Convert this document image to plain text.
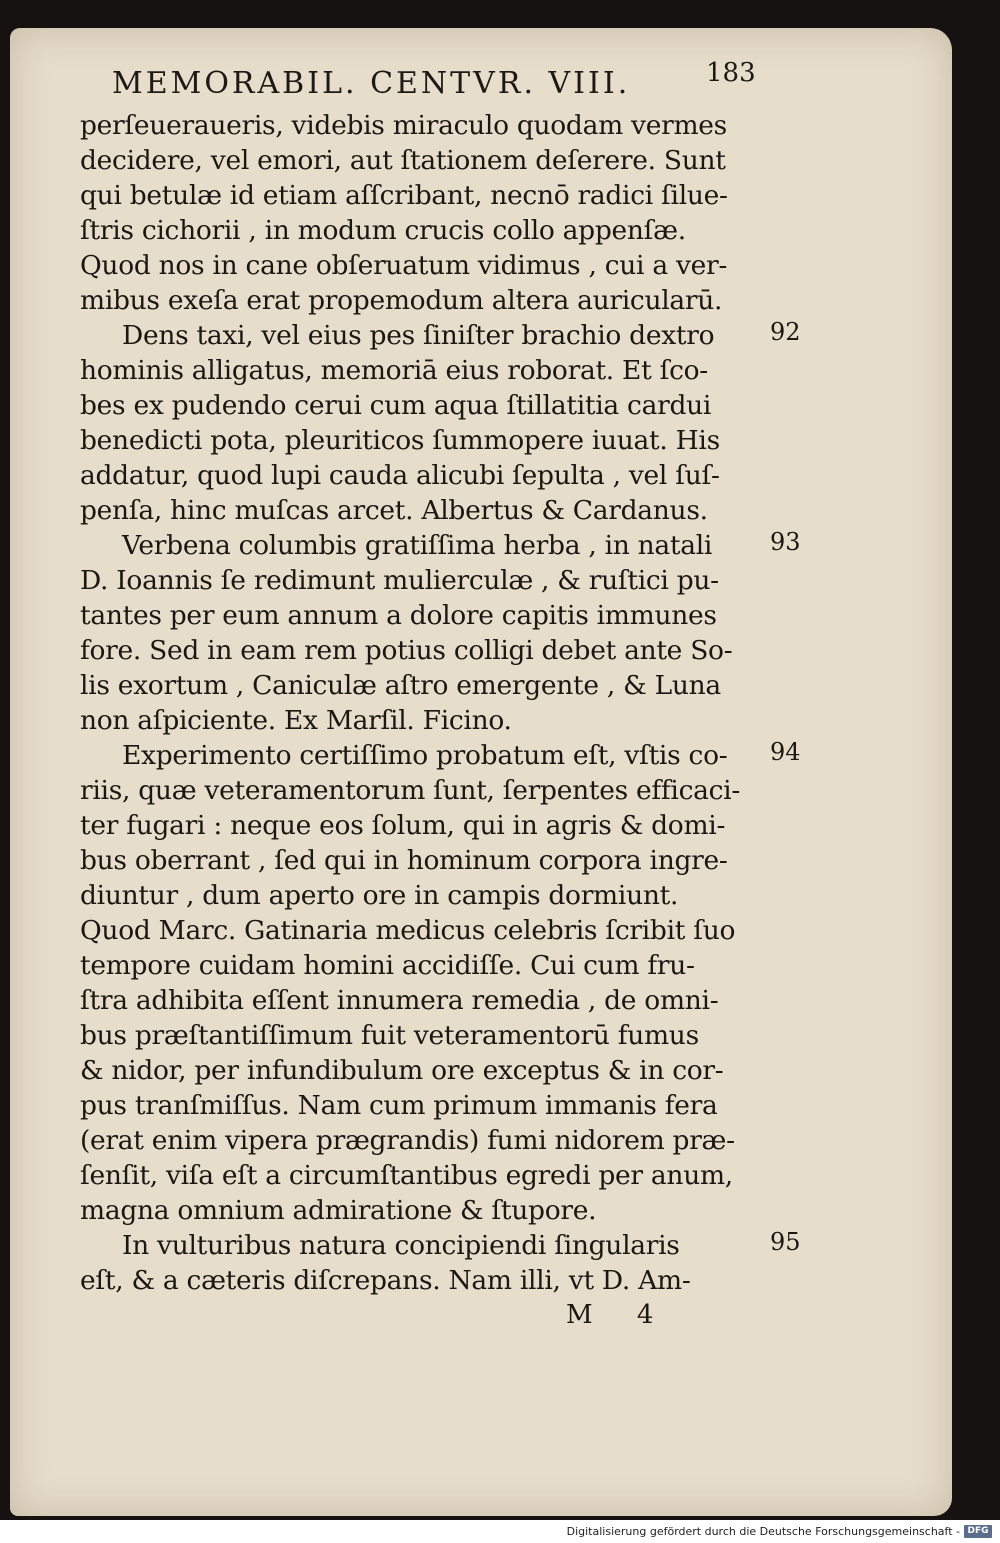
MEMORABIL. CENTVR. VIII.	183
perſeueraueris, videbis miraculo quodam vermes
decidere, vel emori, aut ſtationem deſerere. Sunt
qui betulæ id etiam aſſcribant, necnō radici ſilue-
ſtris cichorii , in modum crucis collo appenſæ.
Quod nos in cane obſeruatum vidimus , cui a ver-
mibus exeſa erat propemodum altera auricularū.
Dens taxi, vel eius pes ſiniſter brachio dextro
hominis alligatus, memoriā eius roborat. Et ſco-
bes ex pudendo cerui cum aqua ſtillatitia cardui
benedicti pota, pleuriticos ſummopere iuuat. His
addatur, quod lupi cauda alicubi ſepulta , vel ſuſ-
penſa, hinc muſcas arcet. Albertus & Cardanus.
Verbena columbis gratiſſima herba , in natali
D. Ioannis ſe redimunt mulierculæ , & ruſtici pu-
tantes per eum annum a dolore capitis immunes
fore. Sed in eam rem potius colligi debet ante So-
lis exortum , Caniculæ aſtro emergente , & Luna
non aſpiciente. Ex Marſil. Ficino.
Experimento certiſſimo probatum eſt, vſtis co-
riis, quæ veteramentorum ſunt, ſerpentes efficaci-
ter fugari : neque eos ſolum, qui in agris & domi-
bus oberrant , ſed qui in hominum corpora ingre-
diuntur , dum aperto ore in campis dormiunt.
Quod Marc. Gatinaria medicus celebris ſcribit ſuo
tempore cuidam homini accidiſſe. Cui cum fru-
ſtra adhibita eſſent innumera remedia , de omni-
bus præſtantiſſimum fuit veteramentorū fumus
& nidor, per infundibulum ore exceptus & in cor-
pus tranſmiſſus. Nam cum primum immanis fera
(erat enim vipera prægrandis) fumi nidorem præ-
ſenſit, viſa eſt a circumſtantibus egredi per anum,
magna omnium admiratione & ſtupore.
In vulturibus natura concipiendi ſingularis
eſt, & a cæteris diſcrepans. Nam illi, vt D. Am-
92
93
94
95
M 4
Digitalisierung gefördert durch die Deutsche Forschungsgemeinschaft - DFG
